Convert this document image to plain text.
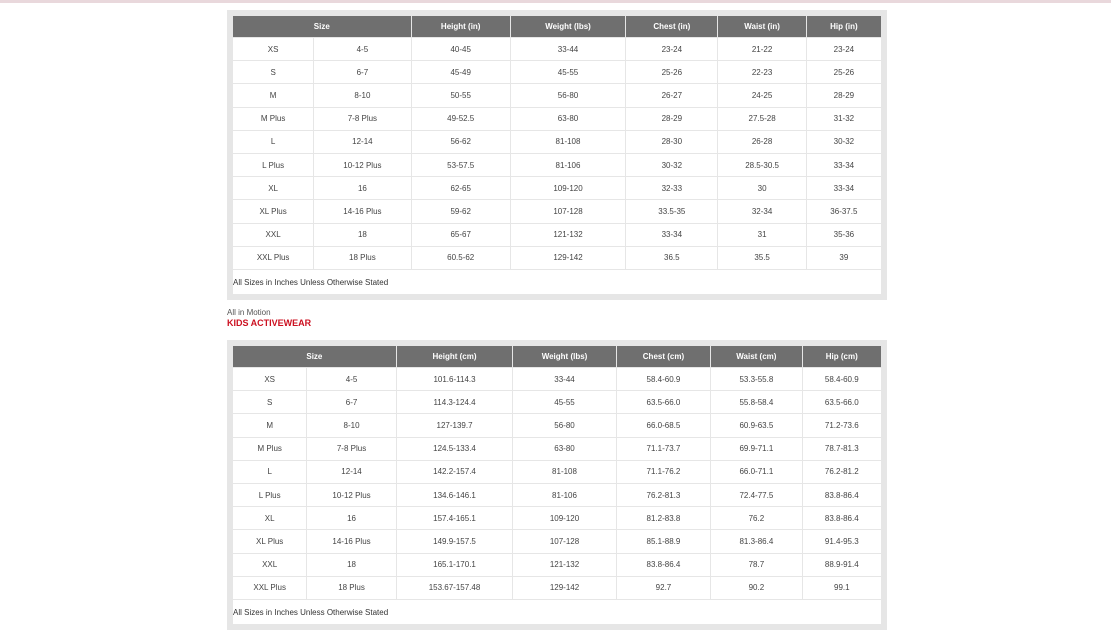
Size		Height (in)	Weight (lbs)	Chest (in)	Waist (in)	Hip (in)
XS	4-5	40-45	33-44	23-24	21-22	23-24
S	6-7	45-49	45-55	25-26	22-23	25-26
M	8-10	50-55	56-80	26-27	24-25	28-29
M Plus	7-8 Plus	49-52.5	63-80	28-29	27.5-28	31-32
L	12-14	56-62	81-108	28-30	26-28	30-32
L Plus	10-12 Plus	53-57.5	81-106	30-32	28.5-30.5	33-34
XL	16	62-65	109-120	32-33	30	33-34
XL Plus	14-16 Plus	59-62	107-128	33.5-35	32-34	36-37.5
XXL	18	65-67	121-132	33-34	31	35-36
XXL Plus	18 Plus	60.5-62	129-142	36.5	35.5	39
All Sizes in Inches Unless Otherwise Stated
All in Motion
KIDS ACTIVEWEAR
Size		Height (cm)	Weight (lbs)	Chest (cm)	Waist (cm)	Hip (cm)
XS	4-5	101.6-114.3	33-44	58.4-60.9	53.3-55.8	58.4-60.9
S	6-7	114.3-124.4	45-55	63.5-66.0	55.8-58.4	63.5-66.0
M	8-10	127-139.7	56-80	66.0-68.5	60.9-63.5	71.2-73.6
M Plus	7-8 Plus	124.5-133.4	63-80	71.1-73.7	69.9-71.1	78.7-81.3
L	12-14	142.2-157.4	81-108	71.1-76.2	66.0-71.1	76.2-81.2
L Plus	10-12 Plus	134.6-146.1	81-106	76.2-81.3	72.4-77.5	83.8-86.4
XL	16	157.4-165.1	109-120	81.2-83.8	76.2	83.8-86.4
XL Plus	14-16 Plus	149.9-157.5	107-128	85.1-88.9	81.3-86.4	91.4-95.3
XXL	18	165.1-170.1	121-132	83.8-86.4	78.7	88.9-91.4
XXL Plus	18 Plus	153.67-157.48	129-142	92.7	90.2	99.1
All Sizes in Inches Unless Otherwise Stated
